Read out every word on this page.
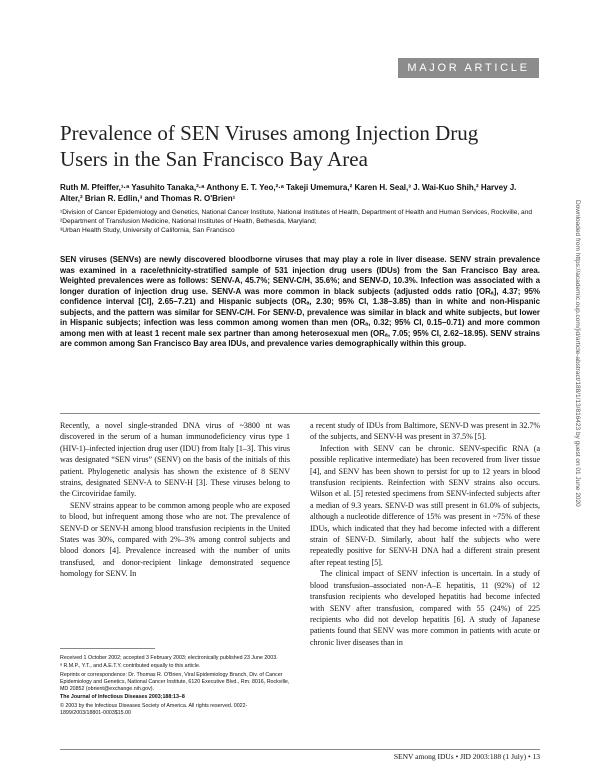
MAJOR ARTICLE
Prevalence of SEN Viruses among Injection Drug Users in the San Francisco Bay Area
Ruth M. Pfeiffer,¹·ᵃ Yasuhito Tanaka,²·ᵃ Anthony E. T. Yeo,²·ᵃ Takeji Umemura,² Karen H. Seal,³ J. Wai-Kuo Shih,² Harvey J. Alter,² Brian R. Edlin,³ and Thomas R. O'Brien¹
¹Division of Cancer Epidemiology and Genetics, National Cancer Institute, National Institutes of Health, Department of Health and Human Services, Rockville, and ²Department of Transfusion Medicine, National Institutes of Health, Bethesda, Maryland;
³Urban Health Study, University of California, San Francisco

SEN viruses (SENVs) are newly discovered bloodborne viruses that may play a role in liver disease. SENV strain prevalence was examined in a race/ethnicity-stratified sample of 531 injection drug users (IDUs) from the San Francisco Bay area. Weighted prevalences were as follows: SENV-A, 45.7%; SENV-C/H, 35.6%; and SENV-D, 10.3%. Infection was associated with a longer duration of injection drug use. SENV-A was more common in black subjects (adjusted odds ratio [ORₐ], 4.37; 95% confidence interval [CI], 2.65–7.21) and Hispanic subjects (ORₐ, 2.30; 95% CI, 1.38–3.85) than in white and non-Hispanic subjects, and the pattern was similar for SENV-C/H. For SENV-D, prevalence was similar in black and white subjects, but lower in Hispanic subjects; infection was less common among women than men (ORₐ, 0.32; 95% CI, 0.15–0.71) and more common among men with at least 1 recent male sex partner than among heterosexual men (ORₐ, 7.05; 95% CI, 2.62–18.95). SENV strains are common among San Francisco Bay area IDUs, and prevalence varies demographically within this group.

Recently, a novel single-stranded DNA virus of ~3800 nt was discovered in the serum of a human immunodeficiency virus type 1 (HIV-1)–infected injection drug user (IDU) from Italy [1–3]. This virus was designated “SEN virus” (SENV) on the basis of the initials of this patient. Phylogenetic analysis has shown the existence of 8 SENV strains, designated SENV-A to SENV-H [3]. These viruses belong to the Circoviridae family.

SENV strains appear to be common among people who are exposed to blood, but infrequent among those who are not. The prevalence of SENV-D or SENV-H among blood transfusion recipients in the United States was 30%, compared with 2%–3% among control subjects and blood donors [4]. Prevalence increased with the number of units transfused, and donor-recipient linkage demonstrated sequence homology for SENV. In

a recent study of IDUs from Baltimore, SENV-D was present in 32.7% of the subjects, and SENV-H was present in 37.5% [5].

Infection with SENV can be chronic. SENV-specific RNA (a possible replicative intermediate) has been recovered from liver tissue [4], and SENV has been shown to persist for up to 12 years in blood transfusion recipients. Reinfection with SENV strains also occurs. Wilson et al. [5] retested specimens from SENV-infected subjects after a median of 9.3 years. SENV-D was still present in 61.0% of subjects, although a nucleotide difference of 15% was present in ~75% of these IDUs, which indicated that they had become infected with a different strain of SENV-D. Similarly, about half the subjects who were repeatedly positive for SENV-H DNA had a different strain present after repeat testing [5].

The clinical impact of SENV infection is uncertain. In a study of blood transfusion–associated non-A–E hepatitis, 11 (92%) of 12 transfusion recipients who developed hepatitis had become infected with SENV after transfusion, compared with 55 (24%) of 225 recipients who did not develop hepatitis [6]. A study of Japanese patients found that SENV was more common in patients with acute or chronic liver diseases than in

Received 1 October 2002; accepted 3 February 2003; electronically published 23 June 2003.
ᵃ R.M.P., Y.T., and A.E.T.Y. contributed equally to this article.
Reprints or correspondence: Dr. Thomas R. O'Brien, Viral Epidemiology Branch, Div. of Cancer Epidemiology and Genetics, National Cancer Institute, 6120 Executive Blvd., Rm. 8016, Rockville, MD 20852 (obrient@exchange.nih.gov).
The Journal of Infectious Diseases 2003;188:13–8
© 2003 by the Infectious Diseases Society of America. All rights reserved. 0022-1899/2003/18801-0003$15.00
SENV among IDUs • JID 2003:188 (1 July) • 13
Downloaded from https://academic.oup.com/jid/article-abstract/188/1/13/816423 by guest on 01 June 2020
